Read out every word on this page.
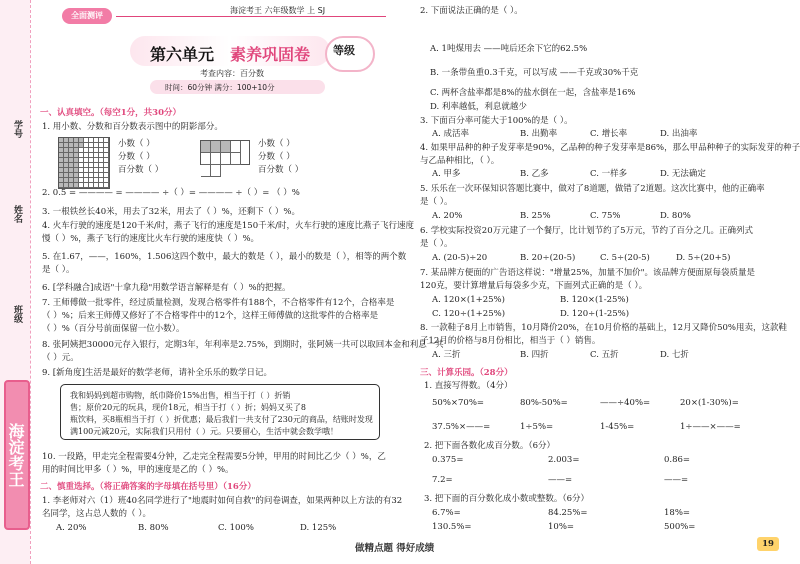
学号
姓名
班级
海淀考王
全面测评
海淀考王 六年级数学 上 SJ
第六单元 素养巩固卷 等级
考查内容：百分数
时间：60分钟 满分：100+10分
一、认真填空。（每空1分，共30分）
1. 用小数、分数和百分数表示图中的阴影部分。
小数（ ）
分数（ ）
百分数（ ）
小数（ ）
分数（ ）
百分数（ ）
2. 0.5 = ———— = ———— ÷（ ）= ———— ÷（ ）= （ ）%
3. 一根铁丝长40米，用去了32米，用去了（ ）%，还剩下（ ）%。
4. 火车行驶的速度是120千米/时，燕子飞行的速度是150千米/时，火车行驶的速度比燕子飞行速度
慢（ ）%，燕子飞行的速度比火车行驶的速度快（ ）%。
5. 在1.67，——，160%，1.506这四个数中，最大的数是（ ），最小的数是（ ），相等的两个数
是（ ）。
6. [学科融合]成语"十拿九稳"用数学语言解释是有（ ）%的把握。
7. 王师傅做一批零件，经过质量检测，发现合格零件有188个，不合格零件有12个，合格率是
（ ）%；后来王师傅又修好了不合格零件中的12个，这样王师傅做的这批零件的合格率是
（ ）%（百分号前面保留一位小数）。
8. 张阿姨把30000元存入银行，定期3年，年利率是2.75%，到期时，张阿姨一共可以取回本金和利息一共
（ ）元。
9. [新角度]生活是最好的数学老师，请补全乐乐的数学日记。
我和妈妈到超市购物，纸巾降价15%出售，相当于打（ ）折销
售；原价20元的玩具，现价18元，相当于打（ ）折；妈妈又买了8
瓶饮料，买8瓶相当于打（ ）折优惠；最后我们一共支付了230元的商品，结账时发现
满100元减20元，实际我们只用付（ ）元。只要留心，生活中就会数学哦！
10. 一段路，甲走完全程需要4分钟，乙走完全程需要5分钟，甲用的时间比乙少（ ）%，乙
用的时间比甲多（ ）%，甲的速度是乙的（ ）%。
二、慎重选择。（将正确答案的字母填在括号里）（16分）
1. 李老师对六（1）班40名同学进行了"地震时如何自救"的问卷调查，如果两种以上方法的有32
名同学，这占总人数的（ ）。
A. 20%	B. 80%	C. 100%	D. 125%
2. 下面说法正确的是（ ）。
A. 1吨煤用去 ——吨后还余下它的62.5%
B. 一条带鱼重0.3千克，可以写成 ——千克或30%千克
C. 两杯含盐率都是8%的盐水倒在一起，含盐率是16%
D. 利率越低，利息就越少
3. 下面百分率可能大于100%的是（ ）。
A. 成活率	B. 出勤率	C. 增长率	D. 出油率
4. 如果甲品种的种子发芽率是90%，乙品种的种子发芽率是86%，那么甲品种种子的实际发芽的种子
与乙品种相比，（ ）。
A. 甲多	B. 乙多	C. 一样多	D. 无法确定
5. 乐乐在一次环保知识答题比赛中，做对了8道题，做错了2道题。这次比赛中，他的正确率
是（ ）。
A. 20%	B. 25%	C. 75%	D. 80%
6. 学校实际投资20万元建了一个餐厅，比计划节约了5万元，节约了百分之几。正确列式
是（ ）。
A. (20-5)÷20	B. 20÷(20-5)	C. 5÷(20-5)	D. 5÷(20+5)
7. 某品牌方便面的广告语这样说："增量25%，加量不加价"。该品牌方便面原每袋质量是
120克，要计算增量后每袋多少克，下面列式正确的是（ ）。
A. 120×(1+25%)	B. 120×(1-25%)
C. 120÷(1+25%)	D. 120÷(1-25%)
8. 一款鞋子8月上市销售，10月降价20%，在10月价格的基础上，12月又降价50%甩卖，这款鞋
子12月的价格与8月份相比，相当于（ ）销售。
A. 三折	B. 四折	C. 五折	D. 七折
三、计算乐园。（28分）
1. 直接写得数。（4分）
50%×70%=	80%-50%=	——÷40%=	20×(1-30%)=
37.5%×——=	1÷5%=	1-45%=	1÷——×——=
2. 把下面各数化成百分数。（6分）
0.375=	2.003=	0.86=
7.2=	——=	——=
3. 把下面的百分数化成小数或整数。（6分）
6.7%=	84.25%=	18%=
130.5%=	10%=	500%=
做精点题 得好成绩	19
